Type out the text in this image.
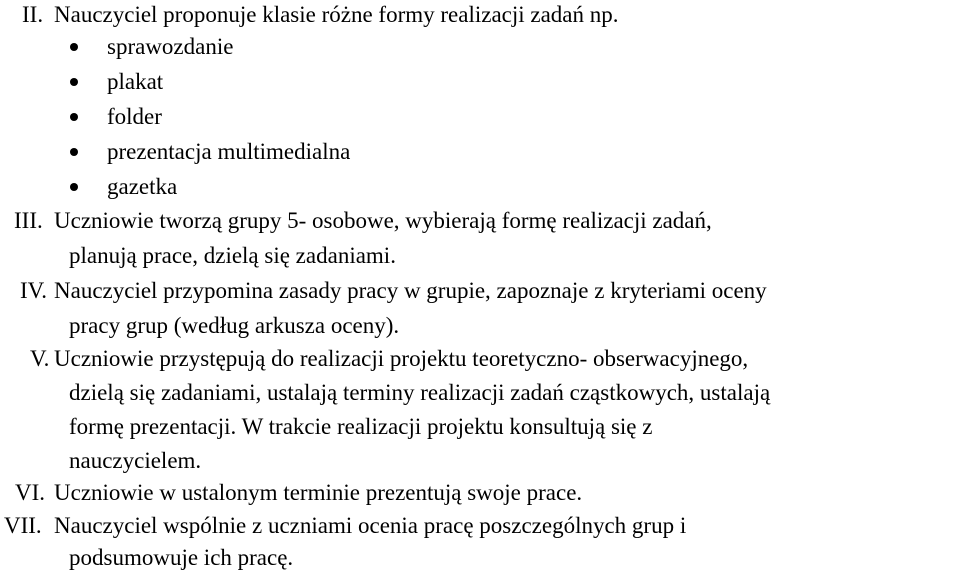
II. Nauczyciel proponuje klasie różne formy realizacji zadań np.
sprawozdanie
plakat
folder
prezentacja multimedialna
gazetka
III. Uczniowie tworzą grupy 5- osobowe, wybierają formę realizacji zadań,
planują prace, dzielą się zadaniami.
IV. Nauczyciel przypomina zasady pracy w grupie, zapoznaje z kryteriami oceny
pracy grup (według arkusza oceny).
V. Uczniowie przystępują do realizacji projektu teoretyczno- obserwacyjnego,
dzielą się zadaniami, ustalają terminy realizacji zadań cząstkowych, ustalają
formę prezentacji. W trakcie realizacji projektu konsultują się z
nauczycielem.
VI. Uczniowie w ustalonym terminie prezentują swoje prace.
VII. Nauczyciel wspólnie z uczniami ocenia pracę poszczególnych grup i
podsumowuje ich pracę.
